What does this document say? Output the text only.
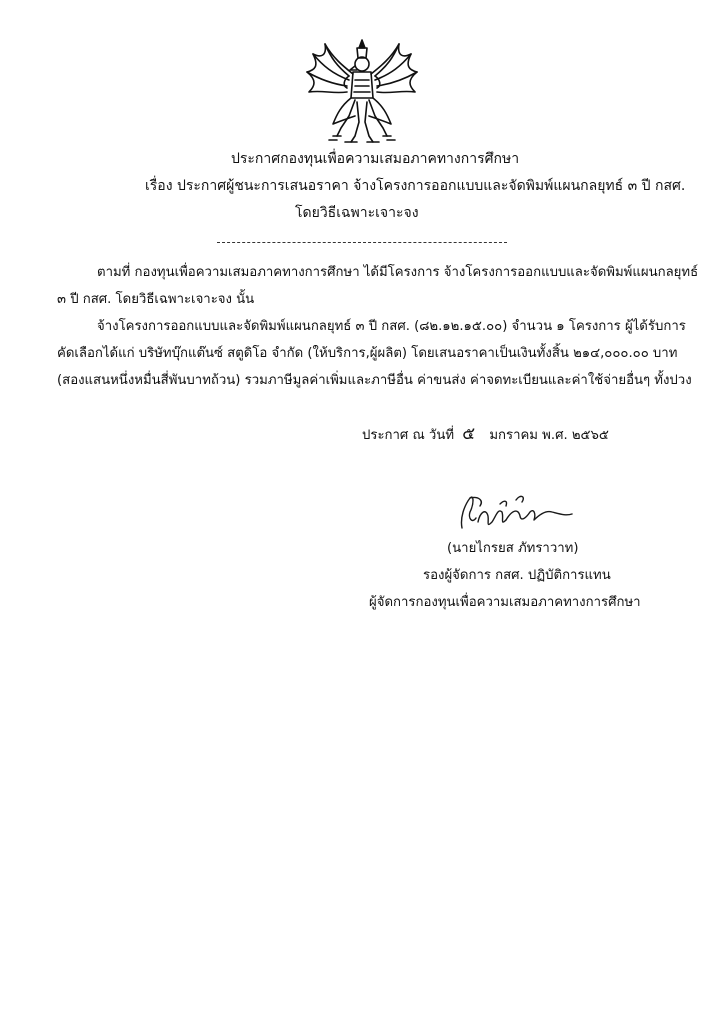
ประกาศกองทุนเพื่อความเสมอภาคทางการศึกษา
เรื่อง ประกาศผู้ชนะการเสนอราคา จ้างโครงการออกแบบและจัดพิมพ์แผนกลยุทธ์ ๓ ปี กสศ.
โดยวิธีเฉพาะเจาะจง
ตามที่ กองทุนเพื่อความเสมอภาคทางการศึกษา ได้มีโครงการ จ้างโครงการออกแบบและจัดพิมพ์แผนกลยุทธ์
๓ ปี กสศ. โดยวิธีเฉพาะเจาะจง นั้น
จ้างโครงการออกแบบและจัดพิมพ์แผนกลยุทธ์ ๓ ปี กสศ. (๘๒.๑๒.๑๕.๐๐) จำนวน ๑ โครงการ ผู้ได้รับการ
คัดเลือกได้แก่ บริษัทบุ๊กแต๊นซ์ สตูดิโอ จำกัด (ให้บริการ,ผู้ผลิต) โดยเสนอราคาเป็นเงินทั้งสิ้น ๒๑๔,๐๐๐.๐๐ บาท
(สองแสนหนึ่งหมื่นสี่พันบาทถ้วน) รวมภาษีมูลค่าเพิ่มและภาษีอื่น ค่าขนส่ง ค่าจดทะเบียนและค่าใช้จ่ายอื่นๆ ทั้งปวง
ประกาศ ณ วันที่ ๕ มกราคม พ.ศ. ๒๕๖๕
(นายไกรยส ภัทราวาท)
รองผู้จัดการ กสศ. ปฏิบัติการแทน
ผู้จัดการกองทุนเพื่อความเสมอภาคทางการศึกษา
